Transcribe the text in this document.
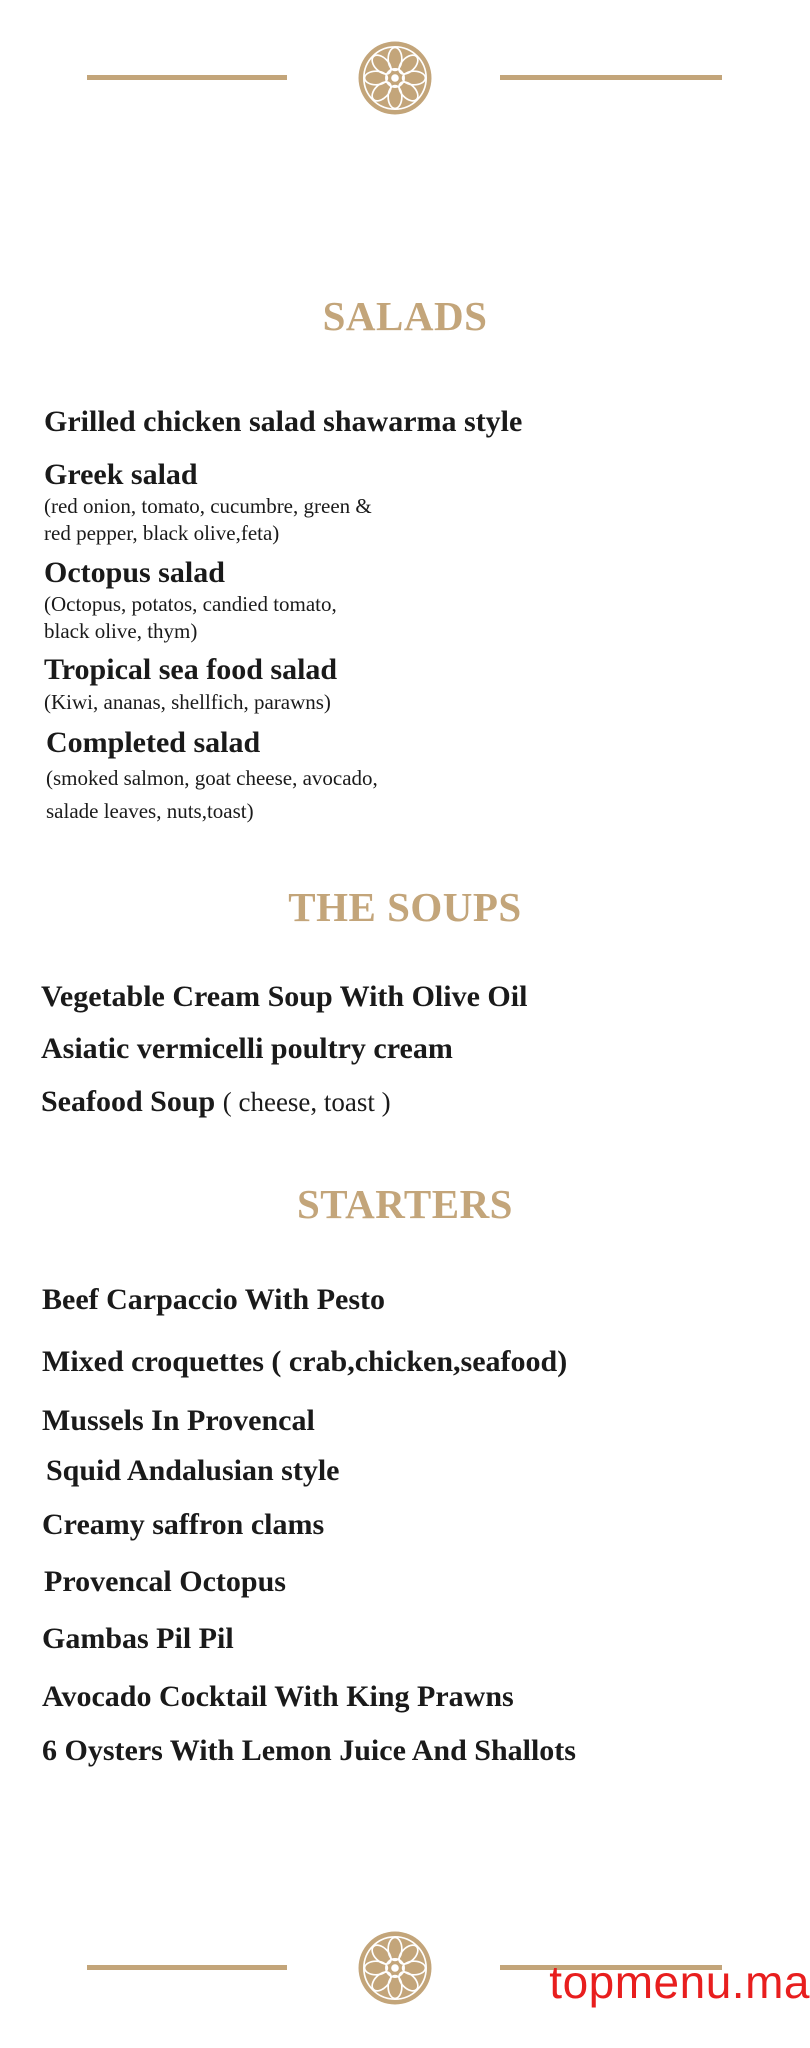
SALADS
Grilled chicken salad shawarma style
Greek salad
(red onion, tomato, cucumbre, green &
red pepper, black olive,feta)
Octopus salad
(Octopus, potatos, candied tomato,
black olive, thym)
Tropical sea food salad
(Kiwi, ananas, shellfich, parawns)
Completed salad
(smoked salmon, goat cheese, avocado,
salade leaves, nuts,toast)
THE SOUPS
Vegetable Cream Soup With Olive Oil
Asiatic vermicelli poultry cream
Seafood Soup ( cheese, toast )
STARTERS
Beef Carpaccio With Pesto
Mixed croquettes ( crab,chicken,seafood)
Mussels In Provencal
Squid Andalusian style
Creamy saffron clams
Provencal Octopus
Gambas Pil Pil
Avocado Cocktail With King Prawns
6 Oysters With Lemon Juice And Shallots
topmenu.ma
